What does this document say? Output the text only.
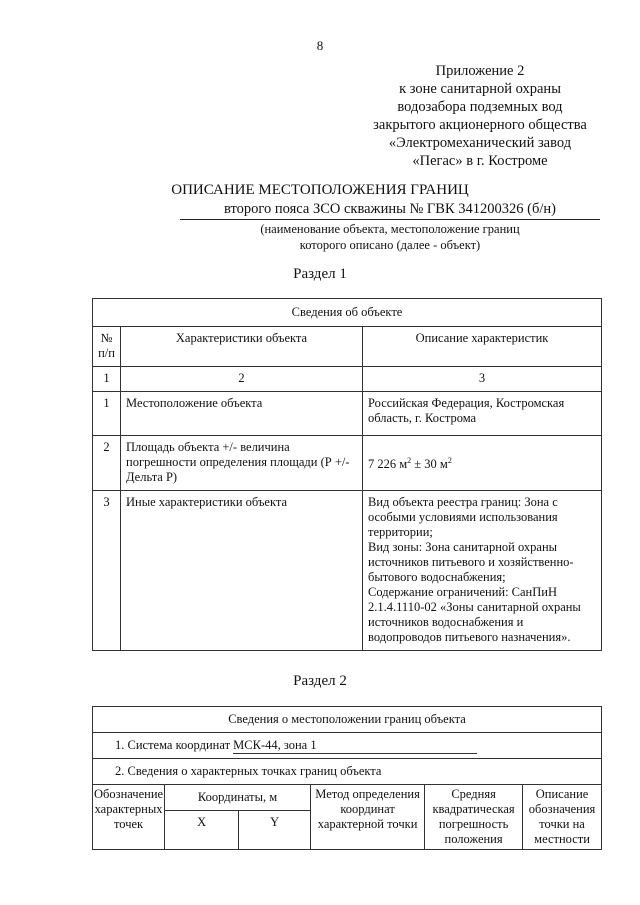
8
Приложение 2
к зоне санитарной охраны
водозабора подземных вод
закрытого акционерного общества
«Электромеханический завод
«Пегас» в г. Костроме
ОПИСАНИЕ МЕСТОПОЛОЖЕНИЯ ГРАНИЦ
второго пояса ЗСО скважины № ГВК 341200326 (б/н)
(наименование объекта, местоположение границ
которого описано (далее - объект)
Раздел 1
Сведения об объекте		
№ п/п	Характеристики объекта	Описание характеристик
1	2	3
1	Местоположение объекта	Российская Федерация, Костромская область, г. Кострома
2	Площадь объекта +/- величина погрешности определения площади (Р +/- Дельта Р)	7 226 $м^2 \pm 30$ $м^2$
3	Иные характеристики объекта	Вид объекта реестра границ: Зона с особыми условиями использования территории;
Вид зоны: Зона санитарной охраны источников питьевого и хозяйственно-бытового водоснабжения;
Содержание ограничений: СанПиН 2.1.4.1110-02 «Зоны санитарной охраны источников водоснабжения и водопроводов питьевого назначения».
Раздел 2
Сведения о местоположении границ объекта					
1. Система координат МСК-44, зона 1					
2. Сведения о характерных точках границ объекта					
Обозначение характерных точек	Координаты, м		Метод определения координат характерной точки	Средняя квадратическая погрешность положения	Описание обозначения точки на местности
	X	Y			
